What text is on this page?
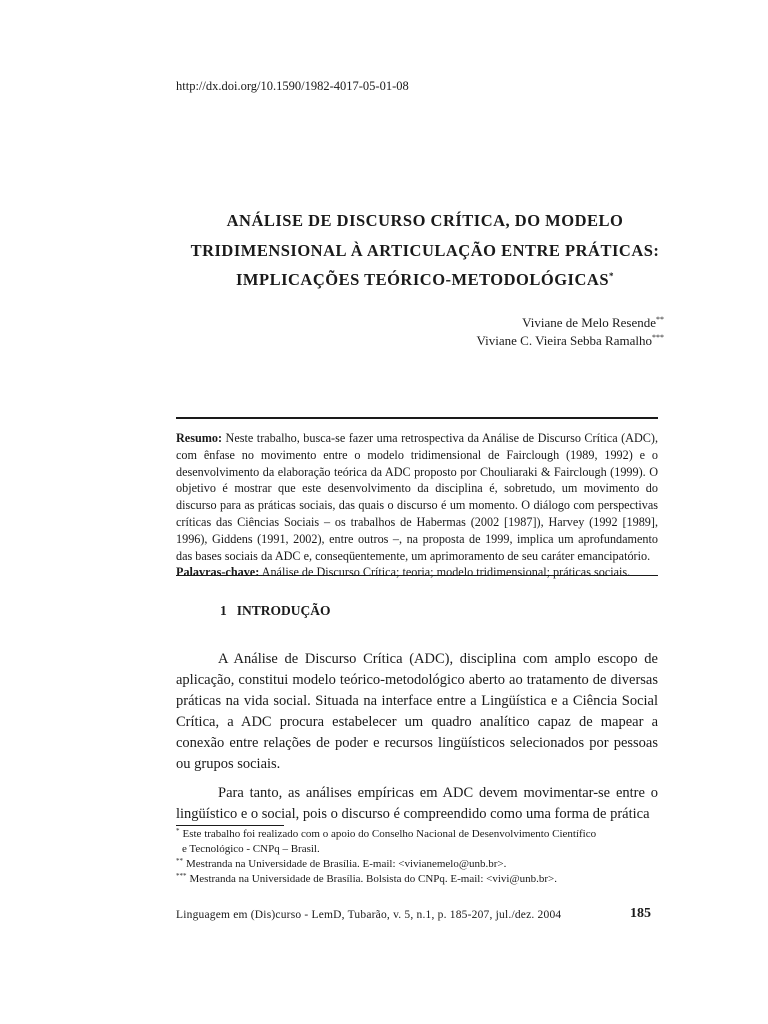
http://dx.doi.org/10.1590/1982-4017-05-01-08
ANÁLISE DE DISCURSO CRÍTICA, DO MODELO
TRIDIMENSIONAL À ARTICULAÇÃO ENTRE PRÁTICAS:
IMPLICAÇÕES TEÓRICO-METODOLÓGICAS*
Viviane de Melo Resende**
Viviane C. Vieira Sebba Ramalho***

Resumo: Neste trabalho, busca-se fazer uma retrospectiva da Análise de Discurso Crítica (ADC), com ênfase no movimento entre o modelo tridimensional de Fairclough (1989, 1992) e o desenvolvimento da elaboração teórica da ADC proposto por Chouliaraki & Fairclough (1999). O objetivo é mostrar que este desenvolvimento da disciplina é, sobretudo, um movimento do discurso para as práticas sociais, das quais o discurso é um momento. O diálogo com perspectivas críticas das Ciências Sociais – os trabalhos de Habermas (2002 [1987]), Harvey (1992 [1989], 1996), Giddens (1991, 2002), entre outros –, na proposta de 1999, implica um aprofundamento das bases sociais da ADC e, conseqüentemente, um aprimoramento de seu caráter emancipatório.

Palavras-chave: Análise de Discurso Crítica; teoria; modelo tridimensional; práticas sociais.

1 INTRODUÇÃO

A Análise de Discurso Crítica (ADC), disciplina com amplo escopo de aplicação, constitui modelo teórico-metodológico aberto ao tratamento de diversas práticas na vida social. Situada na interface entre a Lingüística e a Ciência Social Crítica, a ADC procura estabelecer um quadro analítico capaz de mapear a conexão entre relações de poder e recursos lingüísticos selecionados por pessoas ou grupos sociais.

Para tanto, as análises empíricas em ADC devem movimentar-se entre o lingüístico e o social, pois o discurso é compreendido como uma forma de prática

* Este trabalho foi realizado com o apoio do Conselho Nacional de Desenvolvimento Científico
e Tecnológico - CNPq – Brasil.
** Mestranda na Universidade de Brasília. E-mail: <vivianemelo@unb.br>.
*** Mestranda na Universidade de Brasília. Bolsista do CNPq. E-mail: <vivi@unb.br>.
Linguagem em (Dis)curso - LemD, Tubarão, v. 5, n.1, p. 185-207, jul./dez. 2004	185
